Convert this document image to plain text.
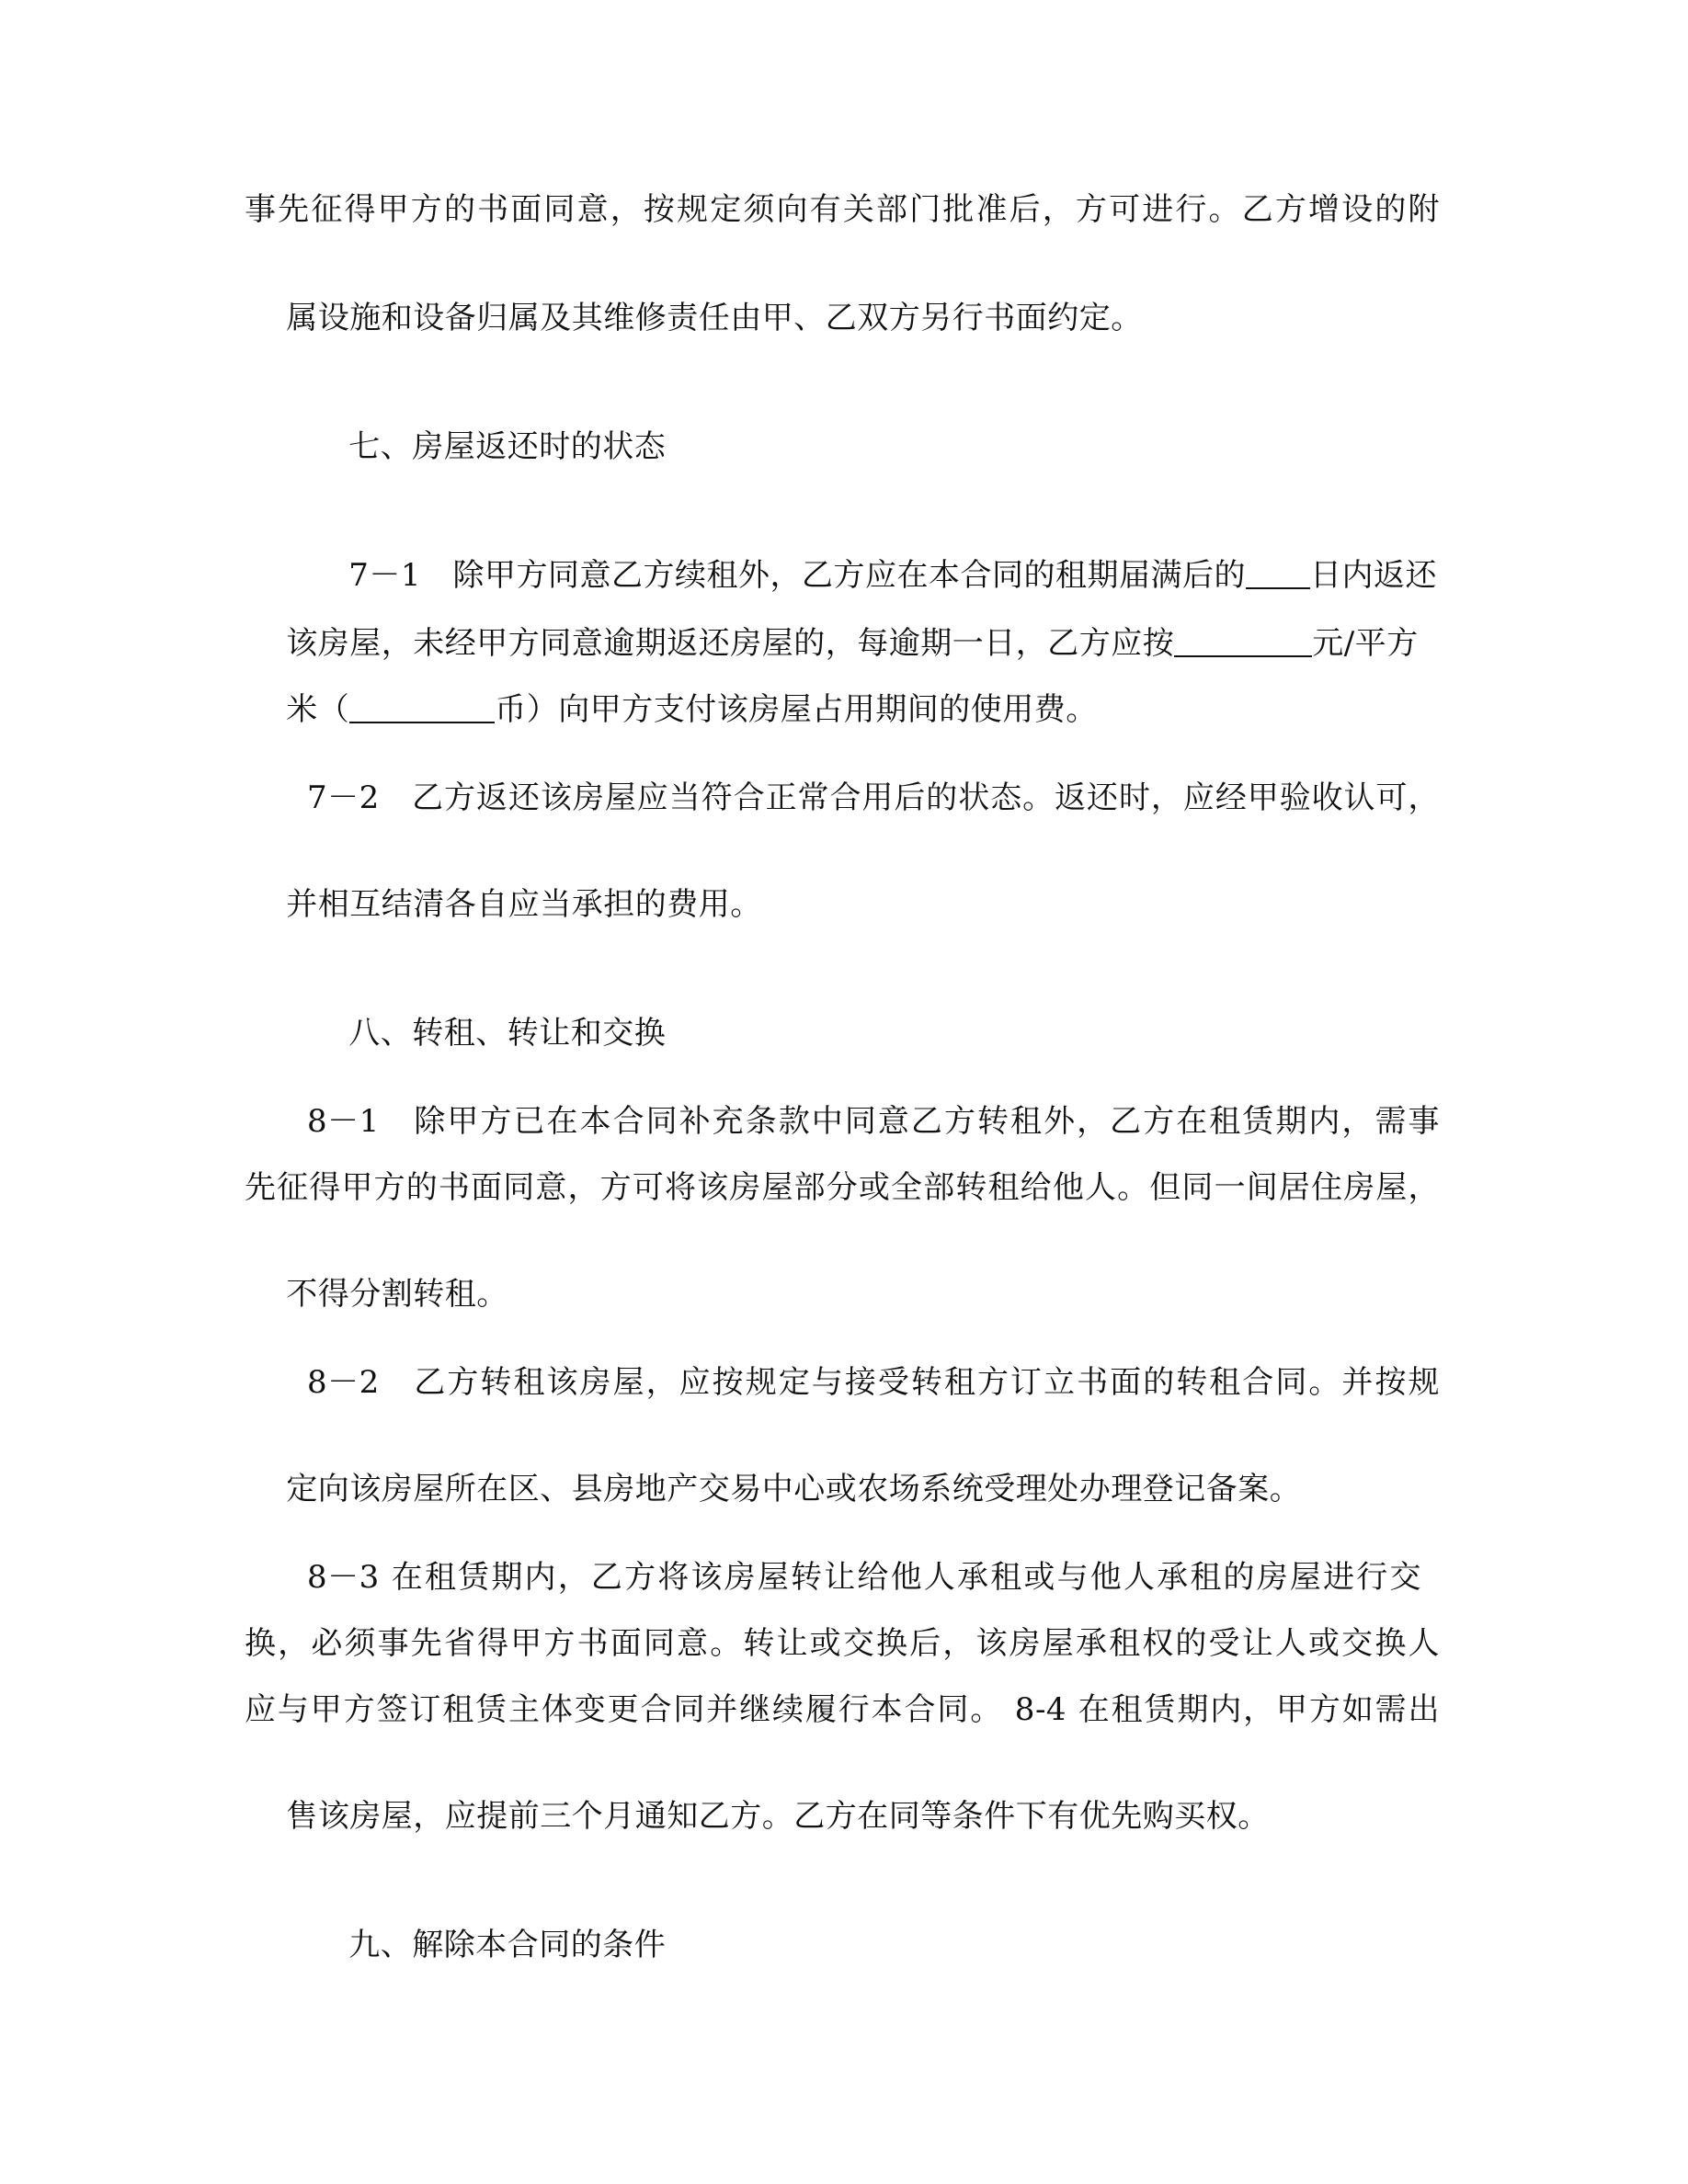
事先征得甲方的书面同意，按规定须向有关部门批准后，方可进行。乙方增设的附

属设施和设备归属及其维修责任由甲、乙双方另行书面约定。

七、房屋返还时的状态

7－1　除甲方同意乙方续租外，乙方应在本合同的租期届满后的 日内返还

该房屋，未经甲方同意逾期返还房屋的，每逾期一日，乙方应按	元/平方

米（	币）向甲方支付该房屋占用期间的使用费。

7－2　乙方返还该房屋应当符合正常合用后的状态。返还时，应经甲验收认可，

并相互结清各自应当承担的费用。

八、转租、转让和交换

8－1　除甲方已在本合同补充条款中同意乙方转租外，乙方在租赁期内，需事
先征得甲方的书面同意，方可将该房屋部分或全部转租给他人。但同一间居住房屋，

不得分割转租。

8－2　乙方转租该房屋，应按规定与接受转租方订立书面的转租合同。并按规

定向该房屋所在区、县房地产交易中心或农场系统受理处办理登记备案。

8－3 在租赁期内，乙方将该房屋转让给他人承租或与他人承租的房屋进行交
换，必须事先省得甲方书面同意。转让或交换后，该房屋承租权的受让人或交换人
应与甲方签订租赁主体变更合同并继续履行本合同。 8-4 在租赁期内，甲方如需出

售该房屋，应提前三个月通知乙方。乙方在同等条件下有优先购买权。

九、解除本合同的条件
